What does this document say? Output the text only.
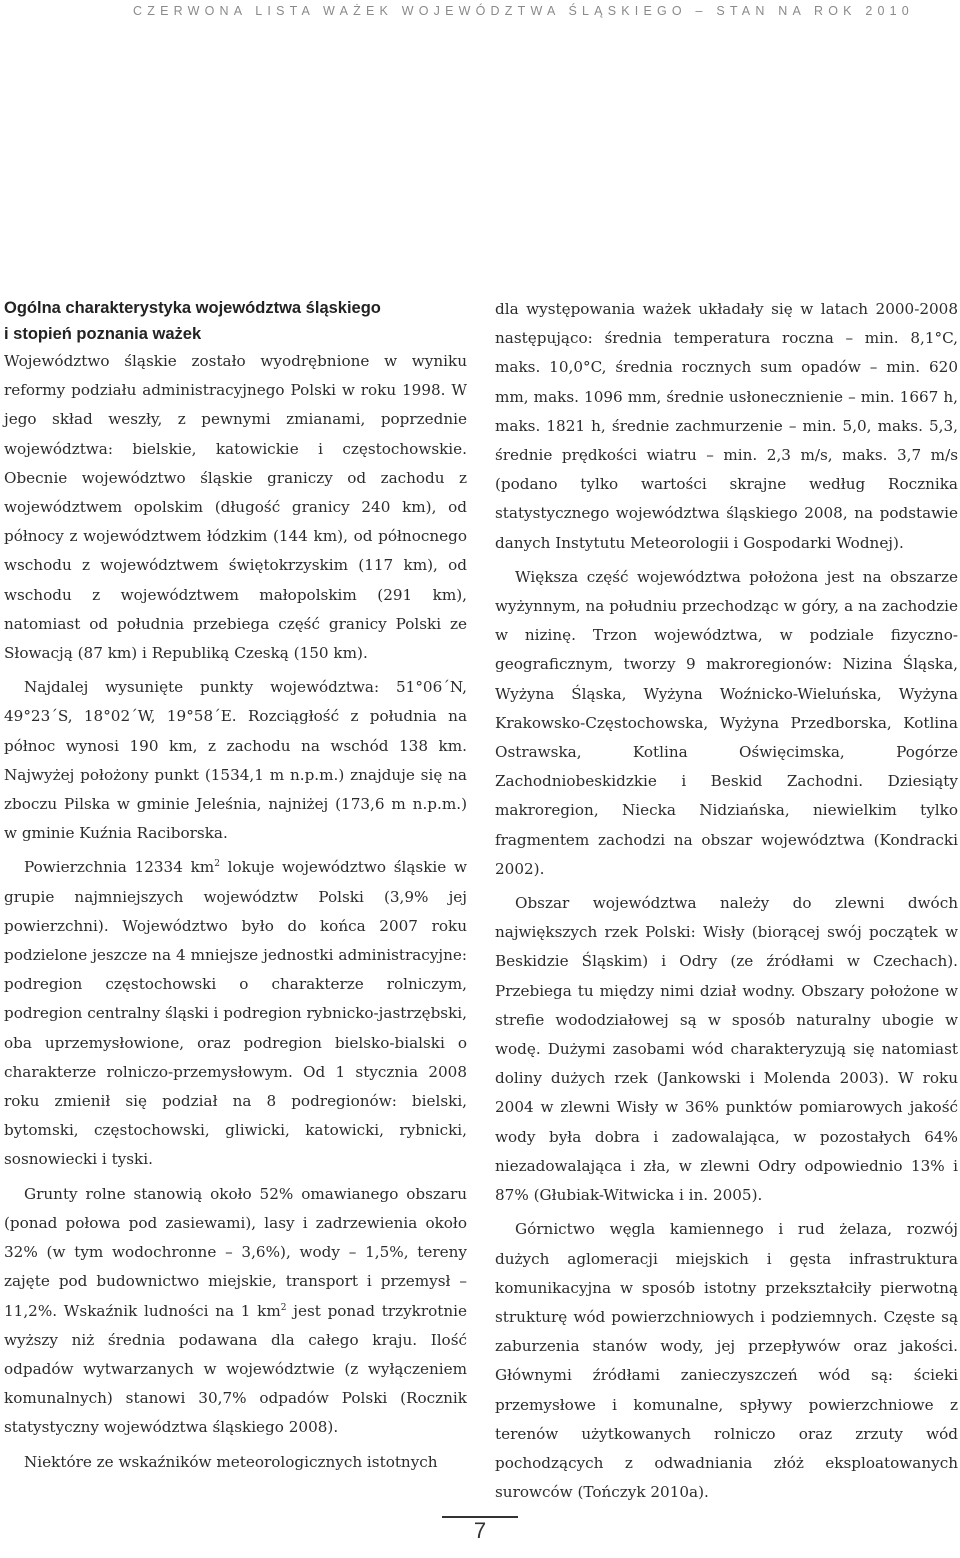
CZERWONA LISTA WAŻEK WOJEWÓDZTWA ŚLĄSKIEGO – STAN NA ROK 2010
Ogólna charakterystyka województwa śląskiego
i stopień poznania ważek

Województwo śląskie zostało wyodrębnione w wyniku reformy podziału administracyjnego Polski w roku 1998. W jego skład weszły, z pewnymi zmianami, poprzednie województwa: bielskie, katowickie i częstochowskie. Obecnie województwo śląskie graniczy od zachodu z województwem opolskim (długość granicy 240 km), od północy z województwem łódzkim (144 km), od północnego wschodu z województwem świętokrzyskim (117 km), od wschodu z województwem małopolskim (291 km), natomiast od południa przebiega część granicy Polski ze Słowacją (87 km) i Republiką Czeską (150 km).

Najdalej wysunięte punkty województwa: 51°06´N, 49°23´S, 18°02´W, 19°58´E. Rozciągłość z południa na północ wynosi 190 km, z zachodu na wschód 138 km. Najwyżej położony punkt (1534,1 m n.p.m.) znajduje się na zboczu Pilska w gminie Jeleśnia, najniżej (173,6 m n.p.m.) w gminie Kuźnia Raciborska.

Powierzchnia 12334 $km^2$ lokuje województwo śląskie w grupie najmniejszych województw Polski (3,9% jej powierzchni). Województwo było do końca 2007 roku podzielone jeszcze na 4 mniejsze jednostki administracyjne: podregion częstochowski o charakterze rolniczym, podregion centralny śląski i podregion rybnicko-jastrzębski, oba uprzemysłowione, oraz podregion bielsko-bialski o charakterze rolniczo-przemysłowym. Od 1 stycznia 2008 roku zmienił się podział na 8 podregionów: bielski, bytomski, częstochowski, gliwicki, katowicki, rybnicki, sosnowiecki i tyski.

Grunty rolne stanowią około 52% omawianego obszaru (ponad połowa pod zasiewami), lasy i zadrzewienia około 32% (w tym wodochronne – 3,6%), wody – 1,5%, tereny zajęte pod budownictwo miejskie, transport i przemysł – 11,2%. Wskaźnik ludności na 1 $km^2$ jest ponad trzykrotnie wyższy niż średnia podawana dla całego kraju. Ilość odpadów wytwarzanych w województwie (z wyłączeniem komunalnych) stanowi 30,7% odpadów Polski (Rocznik statystyczny województwa śląskiego 2008).

Niektóre ze wskaźników meteorologicznych istotnych

dla występowania ważek układały się w latach 2000-2008 następująco: średnia temperatura roczna – min. 8,1°C, maks. 10,0°C, średnia rocznych sum opadów – min. 620 mm, maks. 1096 mm, średnie usłonecznienie – min. 1667 h, maks. 1821 h, średnie zachmurzenie – min. 5,0, maks. 5,3, średnie prędkości wiatru – min. 2,3 m/s, maks. 3,7 m/s (podano tylko wartości skrajne według Rocznika statystycznego województwa śląskiego 2008, na podstawie danych Instytutu Meteorologii i Gospodarki Wodnej).

Większa część województwa położona jest na obszarze wyżynnym, na południu przechodząc w góry, a na zachodzie w nizinę. Trzon województwa, w podziale fizyczno-geograficznym, tworzy 9 makroregionów: Nizina Śląska, Wyżyna Śląska, Wyżyna Woźnicko-Wieluńska, Wyżyna Krakowsko-Częstochowska, Wyżyna Przedborska, Kotlina Ostrawska, Kotlina Oświęcimska, Pogórze Zachodniobeskidzkie i Beskid Zachodni. Dziesiąty makroregion, Niecka Nidziańska, niewielkim tylko fragmentem zachodzi na obszar województwa (Kondracki 2002).

Obszar województwa należy do zlewni dwóch największych rzek Polski: Wisły (biorącej swój początek w Beskidzie Śląskim) i Odry (ze źródłami w Czechach). Przebiega tu między nimi dział wodny. Obszary położone w strefie wododziałowej są w sposób naturalny ubogie w wodę. Dużymi zasobami wód charakteryzują się natomiast doliny dużych rzek (Jankowski i Molenda 2003). W roku 2004 w zlewni Wisły w 36% punktów pomiarowych jakość wody była dobra i zadowalająca, w pozostałych 64% niezadowalająca i zła, w zlewni Odry odpowiednio 13% i 87% (Głubiak-Witwicka i in. 2005).

Górnictwo węgla kamiennego i rud żelaza, rozwój dużych aglomeracji miejskich i gęsta infrastruktura komunikacyjna w sposób istotny przekształciły pierwotną strukturę wód powierzchniowych i podziemnych. Częste są zaburzenia stanów wody, jej przepływów oraz jakości. Głównymi źródłami zanieczyszczeń wód są: ścieki przemysłowe i komunalne, spływy powierzchniowe z terenów użytkowanych rolniczo oraz zrzuty wód pochodzących z odwadniania złóż eksploatowanych surowców (Tończyk 2010a).

7
